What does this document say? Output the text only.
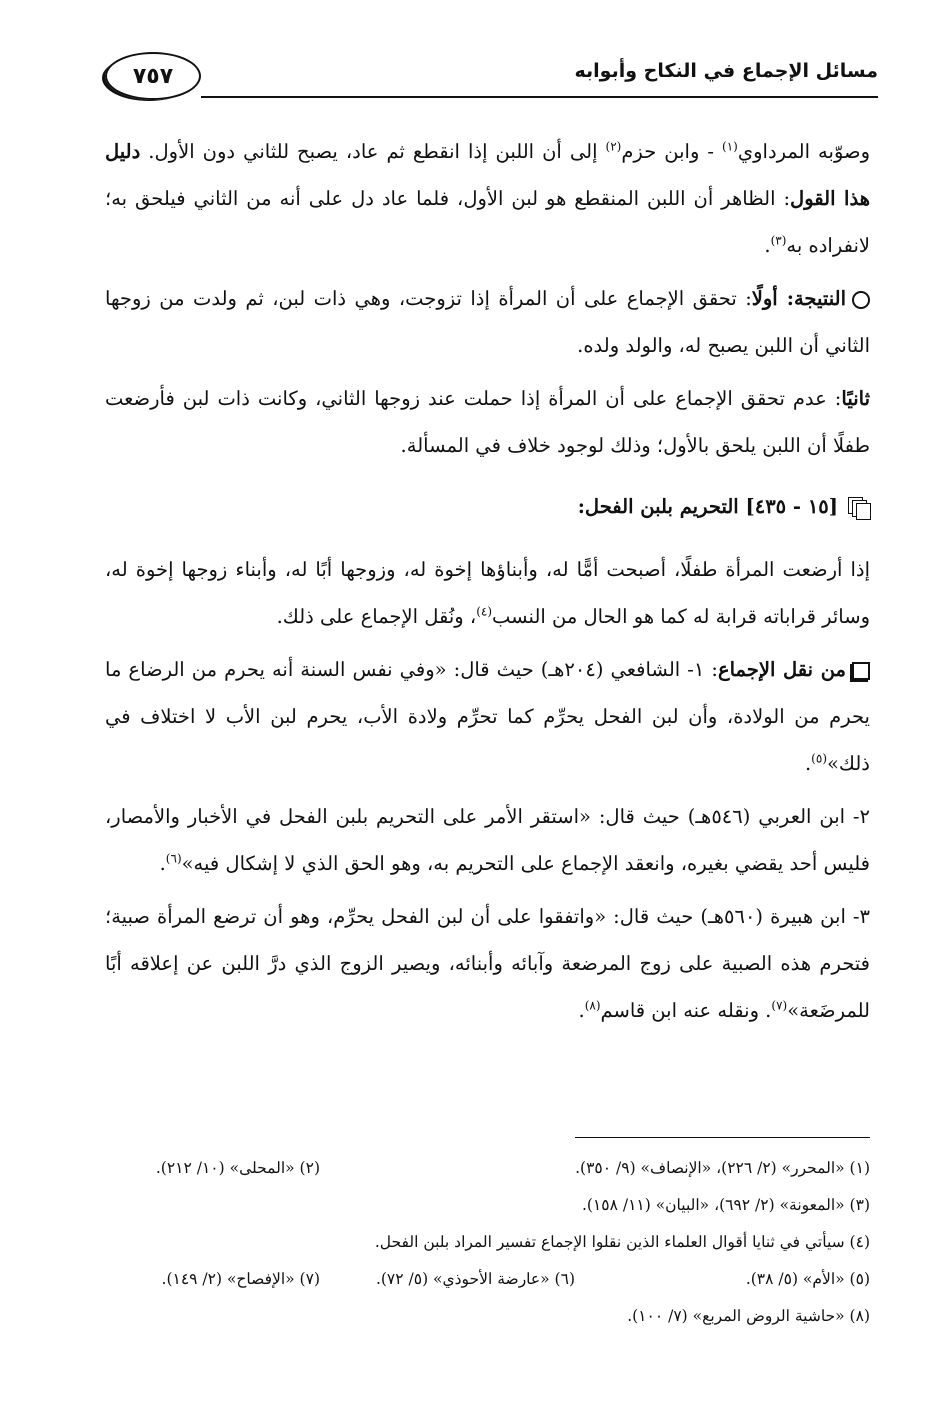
مسائل الإجماع في النكاح وأبوابه
٧٥٧

وصوّبه المرداوي$^{(١)}$ - وابن حزم$^{(٢)}$ إلى أن اللبن إذا انقطع ثم عاد، يصبح للثاني دون الأول. دليل هذا القول: الظاهر أن اللبن المنقطع هو لبن الأول، فلما عاد دل على أنه من الثاني فيلحق به؛ لانفراده به$^{(٣)}$.

النتيجة: أولًا: تحقق الإجماع على أن المرأة إذا تزوجت، وهي ذات لبن، ثم ولدت من زوجها الثاني أن اللبن يصبح له، والولد ولده.

ثانيًا: عدم تحقق الإجماع على أن المرأة إذا حملت عند زوجها الثاني، وكانت ذات لبن فأرضعت طفلًا أن اللبن يلحق بالأول؛ وذلك لوجود خلاف في المسألة.

[١٥ - ٤٣٥] التحريم بلبن الفحل:

إذا أرضعت المرأة طفلًا، أصبحت أمًّا له، وأبناؤها إخوة له، وزوجها أبًا له، وأبناء زوجها إخوة له، وسائر قراباته قرابة له كما هو الحال من النسب$^{(٤)}$، ونُقل الإجماع على ذلك.

من نقل الإجماع: ١- الشافعي (٢٠٤هـ) حيث قال: «وفي نفس السنة أنه يحرم من الرضاع ما يحرم من الولادة، وأن لبن الفحل يحرِّم كما تحرِّم ولادة الأب، يحرم لبن الأب لا اختلاف في ذلك»$^{(٥)}$.

٢- ابن العربي (٥٤٦هـ) حيث قال: «استقر الأمر على التحريم بلبن الفحل في الأخبار والأمصار، فليس أحد يقضي بغيره، وانعقد الإجماع على التحريم به، وهو الحق الذي لا إشكال فيه»$^{(٦)}$.

٣- ابن هبيرة (٥٦٠هـ) حيث قال: «واتفقوا على أن لبن الفحل يحرِّم، وهو أن ترضع المرأة صبية؛ فتحرم هذه الصبية على زوج المرضعة وآبائه وأبنائه، ويصير الزوج الذي درَّ اللبن عن إعلاقه أبًا للمرضَعة»$^{(٧)}$. ونقله عنه ابن قاسم$^{(٨)}$.

(١) «المحرر» (٢/ ٢٢٦)، «الإنصاف» (٩/ ٣٥٠).
(٢) «المحلى» (١٠/ ٢١٢).
(٣) «المعونة» (٢/ ٦٩٢)، «البيان» (١١/ ١٥٨).
(٤) سيأتي في ثنايا أقوال العلماء الذين نقلوا الإجماع تفسير المراد بلبن الفحل.
(٥) «الأم» (٥/ ٣٨).
(٦) «عارضة الأحوذي» (٥/ ٧٢).
(٧) «الإفصاح» (٢/ ١٤٩).
(٨) «حاشية الروض المربع» (٧/ ١٠٠).
